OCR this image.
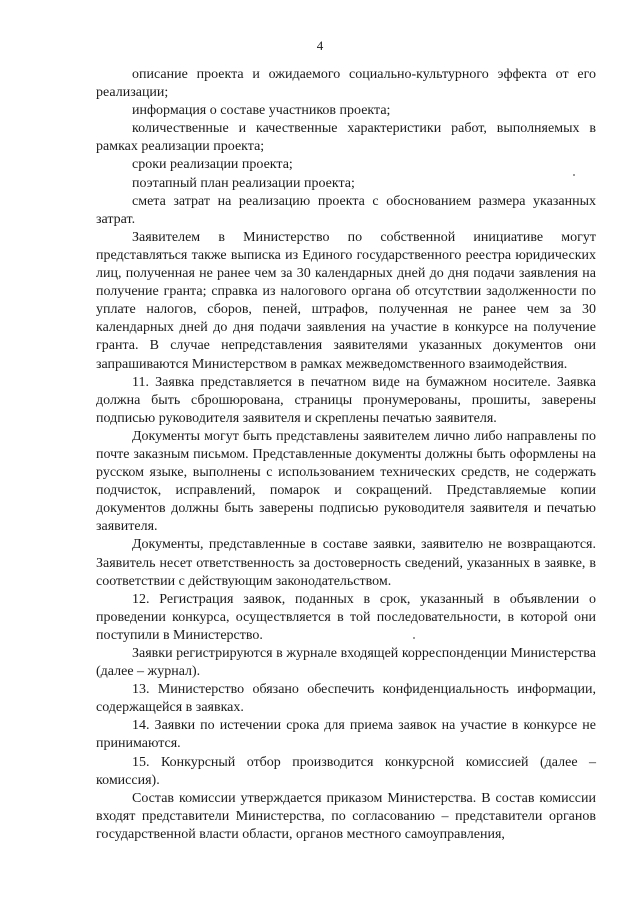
4

описание проекта и ожидаемого социально-культурного эффекта от его реализации;

информация о составе участников проекта;

количественные и качественные характеристики работ, выполняемых в рамках реализации проекта;

сроки реализации проекта;

поэтапный план реализации проекта;

смета затрат на реализацию проекта с обоснованием размера указанных затрат.

Заявителем в Министерство по собственной инициативе могут представляться также выписка из Единого государственного реестра юридических лиц, полученная не ранее чем за 30 календарных дней до дня подачи заявления на получение гранта; справка из налогового органа об отсутствии задолженности по уплате налогов, сборов, пеней, штрафов, полученная не ранее чем за 30 календарных дней до дня подачи заявления на участие в конкурсе на получение гранта. В случае непредставления заявителями указанных документов они запрашиваются Министерством в рамках межведомственного взаимодействия.

11. Заявка представляется в печатном виде на бумажном носителе. Заявка должна быть сброшюрована, страницы пронумерованы, прошиты, заверены подписью руководителя заявителя и скреплены печатью заявителя.

Документы могут быть представлены заявителем лично либо направлены по почте заказным письмом. Представленные документы должны быть оформлены на русском языке, выполнены с использованием технических средств, не содержать подчисток, исправлений, помарок и сокращений. Представляемые копии документов должны быть заверены подписью руководителя заявителя и печатью заявителя.

Документы, представленные в составе заявки, заявителю не возвращаются. Заявитель несет ответственность за достоверность сведений, указанных в заявке, в соответствии с действующим законодательством.

12. Регистрация заявок, поданных в срок, указанный в объявлении о проведении конкурса, осуществляется в той последовательности, в которой они поступили в Министерство.

Заявки регистрируются в журнале входящей корреспонденции Министерства (далее – журнал).

13. Министерство обязано обеспечить конфиденциальность информации, содержащейся в заявках.

14. Заявки по истечении срока для приема заявок на участие в конкурсе не принимаются.

15. Конкурсный отбор производится конкурсной комиссией (далее – комиссия).

Состав комиссии утверждается приказом Министерства. В состав комиссии входят представители Министерства, по согласованию – представители органов государственной власти области, органов местного самоуправления,
